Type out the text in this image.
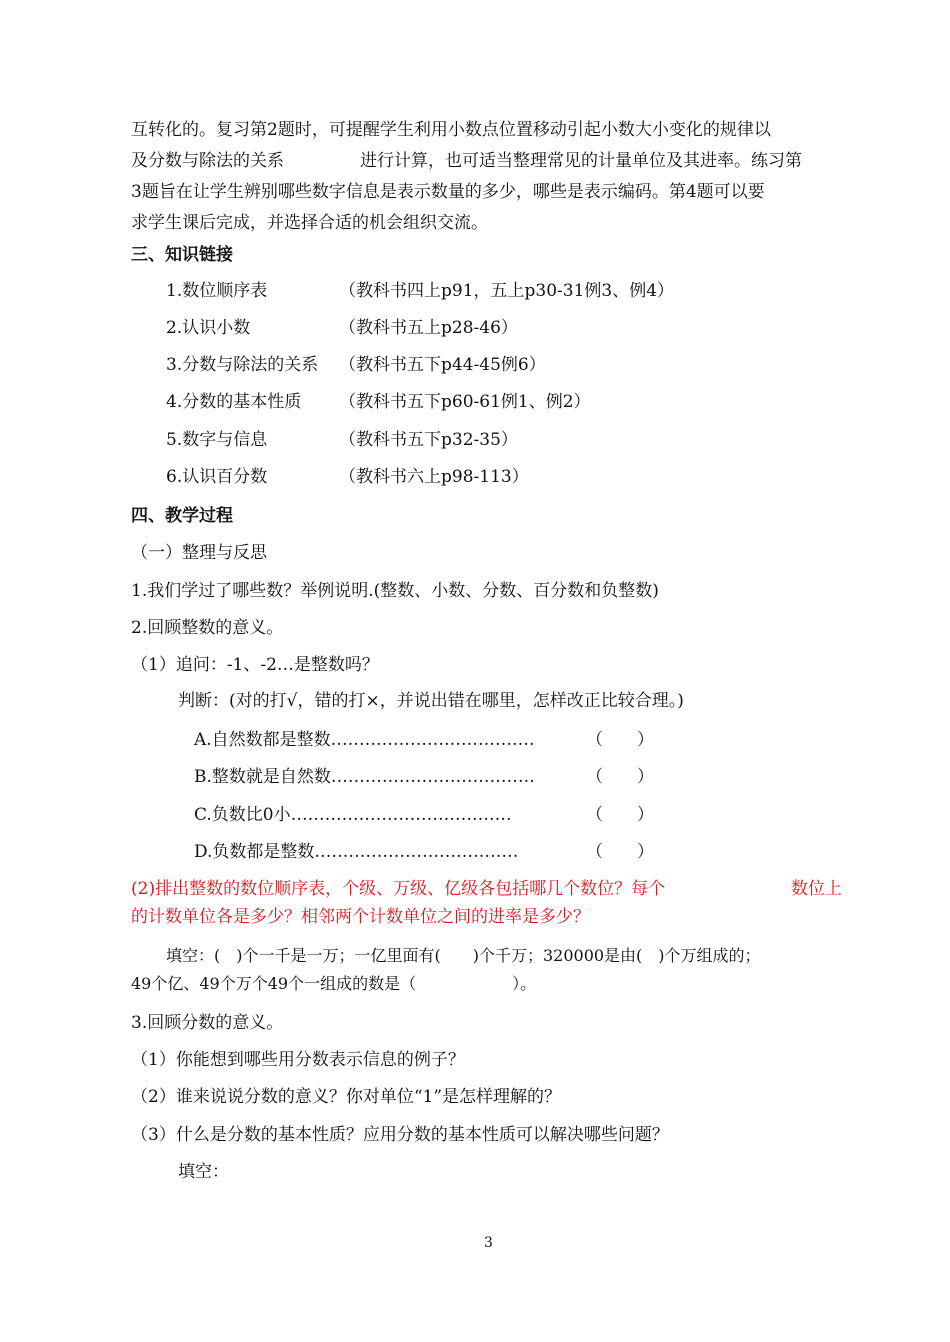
互转化的。复习第2题时，可提醒学生利用小数点位置移动引起小数大小变化的规律以
及分数与除法的关系	进行计算，也可适当整理常见的计量单位及其进率。练习第
3题旨在让学生辨别哪些数字信息是表示数量的多少，哪些是表示编码。第4题可以要
求学生课后完成，并选择合适的机会组织交流。
三、知识链接
1.数位顺序表	（教科书四上p91，五上p30-31例3、例4）
2.认识小数	（教科书五上p28-46）
3.分数与除法的关系 （教科书五下p44-45例6）
4.分数的基本性质 （教科书五下p60-61例1、例2）
5.数字与信息	（教科书五下p32-35）
6.认识百分数	（教科书六上p98-113）
四、教学过程
（一）整理与反思
1.我们学过了哪些数？举例说明.(整数、小数、分数、百分数和负整数)
2.回顾整数的意义。
（1）追问：-1、-2…是整数吗？
判断：(对的打√，错的打×，并说出错在哪里，怎样改正比较合理。)
A.自然数都是整数………………………………	（　　）
B.整数就是自然数………………………………	（　　）
C.负数比0小…………………………………	（　　）
D.负数都是整数………………………………	（　　）
(2)排出整数的数位顺序表，个级、万级、亿级各包括哪几个数位？每个	数位上
的计数单位各是多少？相邻两个计数单位之间的进率是多少？
填空：(　)个一千是一万；一亿里面有(　　)个千万；320000是由(　)个万组成的；
49个亿、49个万个49个一组成的数是（　　　　　　）。
3.回顾分数的意义。
（1）你能想到哪些用分数表示信息的例子？
（2）谁来说说分数的意义？你对单位“1”是怎样理解的？
（3）什么是分数的基本性质？应用分数的基本性质可以解决哪些问题？
填空：
3
